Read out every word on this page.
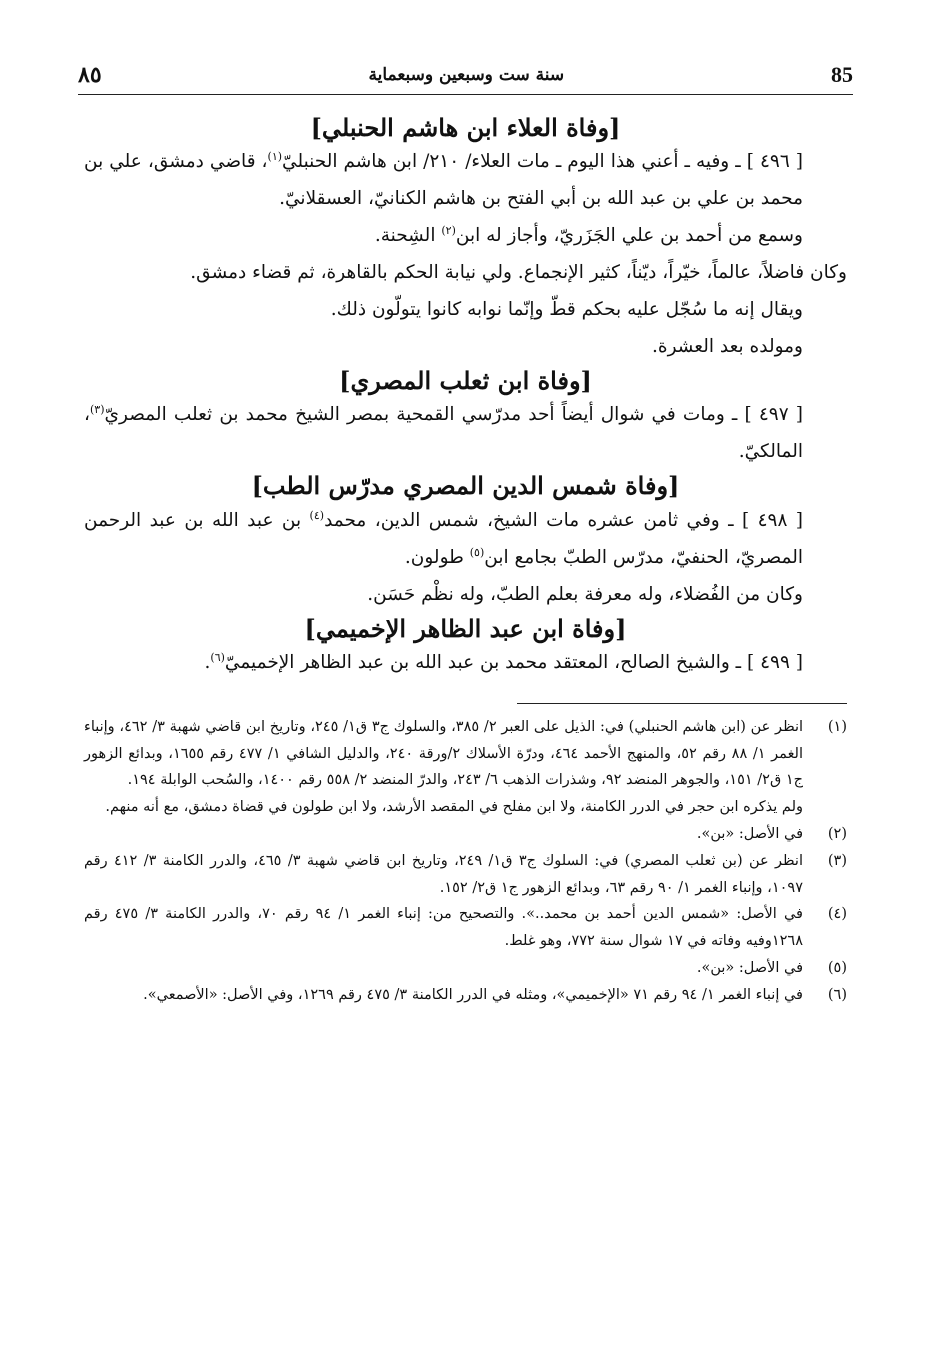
85
سنة ست وسبعين وسبعماية
٨٥
[وفاة العلاء ابن هاشم الحنبلي]

[ ٤٩٦ ] ـ وفيه ـ أعني هذا اليوم ـ مات العلاء/ ٢١٠/ ابن هاشم الحنبليّ$^{(١)}$، قاضي دمشق، علي بن محمد بن علي بن عبد الله بن أبي الفتح بن هاشم الكنانيّ، العسقلانيّ.

وسمع من أحمد بن علي الجَزَريّ، وأجاز له ابن$^{(٢)}$ الشِحنة.

وكان فاضلاً، عالماً، خيّراً، ديّناً، كثير الإنجماع. ولي نيابة الحكم بالقاهرة، ثم قضاء دمشق.

ويقال إنه ما سُجّل عليه بحكم قطّ وإنّما نوابه كانوا يتولّون ذلك.

ومولده بعد العشرة.

[وفاة ابن ثعلب المصري]

[ ٤٩٧ ] ـ ومات في شوال أيضاً أحد مدرّسي القمحية بمصر الشيخ محمد بن ثعلب المصريّ$^{(٣)}$، المالكيّ.

[وفاة شمس الدين المصري مدرّس الطب]

[ ٤٩٨ ] ـ وفي ثامن عشره مات الشيخ، شمس الدين، محمد$^{(٤)}$ بن عبد الله بن عبد الرحمن المصريّ، الحنفيّ، مدرّس الطبّ بجامع ابن$^{(٥)}$ طولون.

وكان من الفُضلاء، وله معرفة بعلم الطبّ، وله نظْم حَسَن.

[وفاة ابن عبد الظاهر الإخميمي]

[ ٤٩٩ ] ـ والشيخ الصالح، المعتقد محمد بن عبد الله بن عبد الظاهر الإخميميّ$^{(٦)}$.

(١)
انظر عن (ابن هاشم الحنبلي) في: الذيل على العبر ٢/ ٣٨٥، والسلوك ج٣ ق١/ ٢٤٥، وتاريخ ابن قاضي شهبة ٣/ ٤٦٢، وإنباء الغمر ١/ ٨٨ رقم ٥٢، والمنهج الأحمد ٤٦٤، ودرّة الأسلاك ٢/ورقة ٢٤٠، والدليل الشافي ١/ ٤٧٧ رقم ١٦٥٥، وبدائع الزهور ج١ ق٢/ ١٥١، والجوهر المنضد ٩٢، وشذرات الذهب ٦/ ٢٤٣، والدرّ المنضد ٢/ ٥٥٨ رقم ١٤٠٠، والسُحب الوابلة ١٩٤.

ولم يذكره ابن حجر في الدرر الكامنة، ولا ابن مفلح في المقصد الأرشد، ولا ابن طولون في قضاة دمشق، مع أنه منهم.

(٢)
في الأصل: «بن».
(٣)
انظر عن (بن ثعلب المصري) في: السلوك ج٣ ق١/ ٢٤٩، وتاريخ ابن قاضي شهبة ٣/ ٤٦٥، والدرر الكامنة ٣/ ٤١٢ رقم ١٠٩٧، وإنباء الغمر ١/ ٩٠ رقم ٦٣، وبدائع الزهور ج١ ق٢/ ١٥٢.
(٤)
في الأصل: «شمس الدين أحمد بن محمد..». والتصحيح من: إنباء الغمر ١/ ٩٤ رقم ٧٠، والدرر الكامنة ٣/ ٤٧٥ رقم ١٢٦٨وفيه وفاته في ١٧ شوال سنة ٧٧٢، وهو غلط.
(٥)
في الأصل: «بن».
(٦)
في إنباء الغمر ١/ ٩٤ رقم ٧١ «الإخميمي»، ومثله في الدرر الكامنة ٣/ ٤٧٥ رقم ١٢٦٩، وفي الأصل: «الأصمعي».
